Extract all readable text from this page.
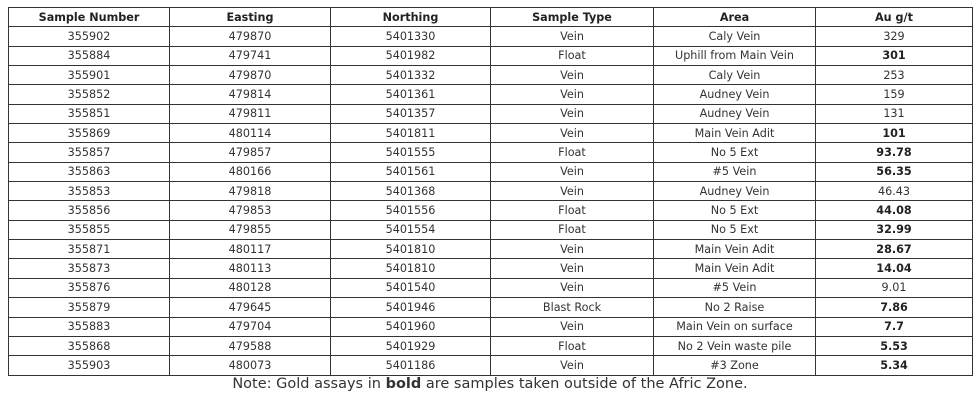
Sample Number	Easting	Northing	Sample Type	Area	Au g/t
355902	479870	5401330	Vein	Caly Vein	329
355884	479741	5401982	Float	Uphill from Main Vein	301
355901	479870	5401332	Vein	Caly Vein	253
355852	479814	5401361	Vein	Audney Vein	159
355851	479811	5401357	Vein	Audney Vein	131
355869	480114	5401811	Vein	Main Vein Adit	101
355857	479857	5401555	Float	No 5 Ext	93.78
355863	480166	5401561	Vein	#5 Vein	56.35
355853	479818	5401368	Vein	Audney Vein	46.43
355856	479853	5401556	Float	No 5 Ext	44.08
355855	479855	5401554	Float	No 5 Ext	32.99
355871	480117	5401810	Vein	Main Vein Adit	28.67
355873	480113	5401810	Vein	Main Vein Adit	14.04
355876	480128	5401540	Vein	#5 Vein	9.01
355879	479645	5401946	Blast Rock	No 2 Raise	7.86
355883	479704	5401960	Vein	Main Vein on surface	7.7
355868	479588	5401929	Float	No 2 Vein waste pile	5.53
355903	480073	5401186	Vein	#3 Zone	5.34
Note: Gold assays in bold are samples taken outside of the Afric Zone.
